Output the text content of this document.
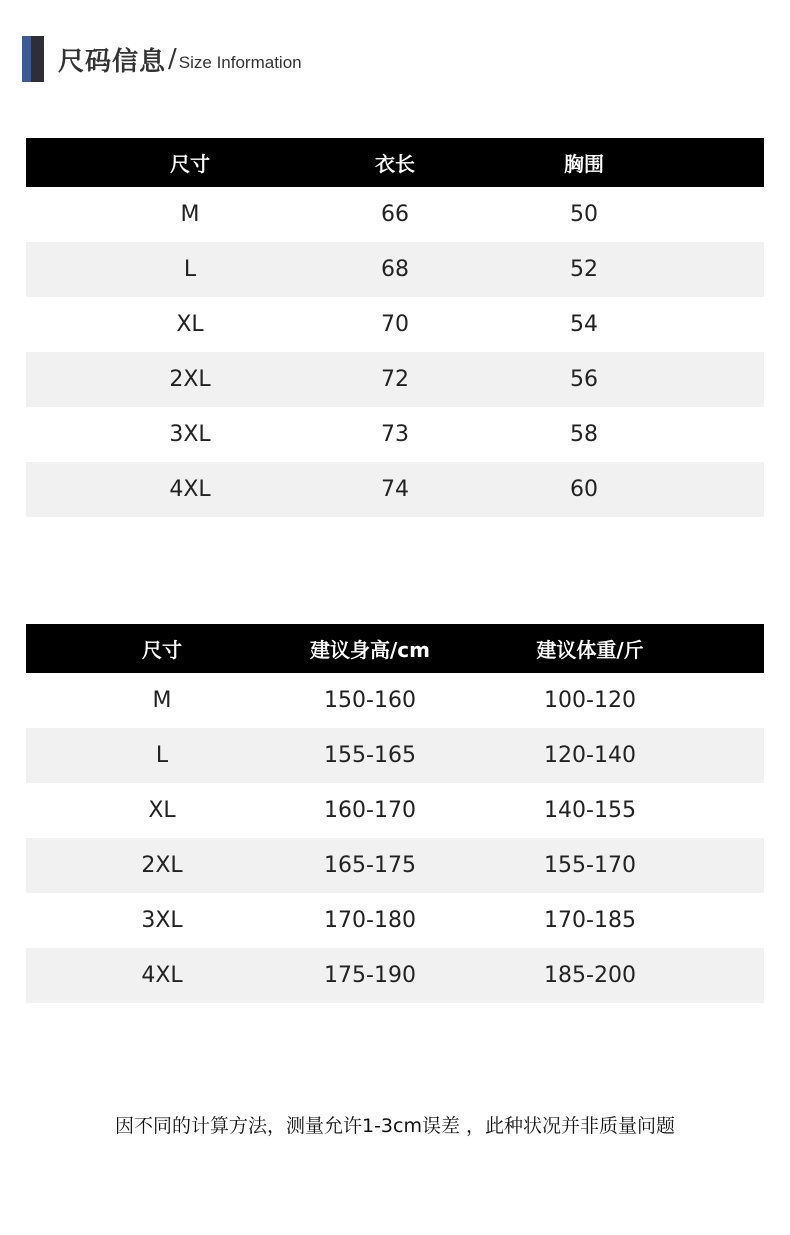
尺码信息 / Size Information
尺寸	衣长	胸围
M	66	50
L	68	52
XL	70	54
2XL	72	56
3XL	73	58
4XL	74	60
尺寸	建议身高/cm	建议体重/斤
M	150-160	100-120
L	155-165	120-140
XL	160-170	140-155
2XL	165-175	155-170
3XL	170-180	170-185
4XL	175-190	185-200
因不同的计算方法，测量允许1-3cm误差 ，此种状况并非质量问题
